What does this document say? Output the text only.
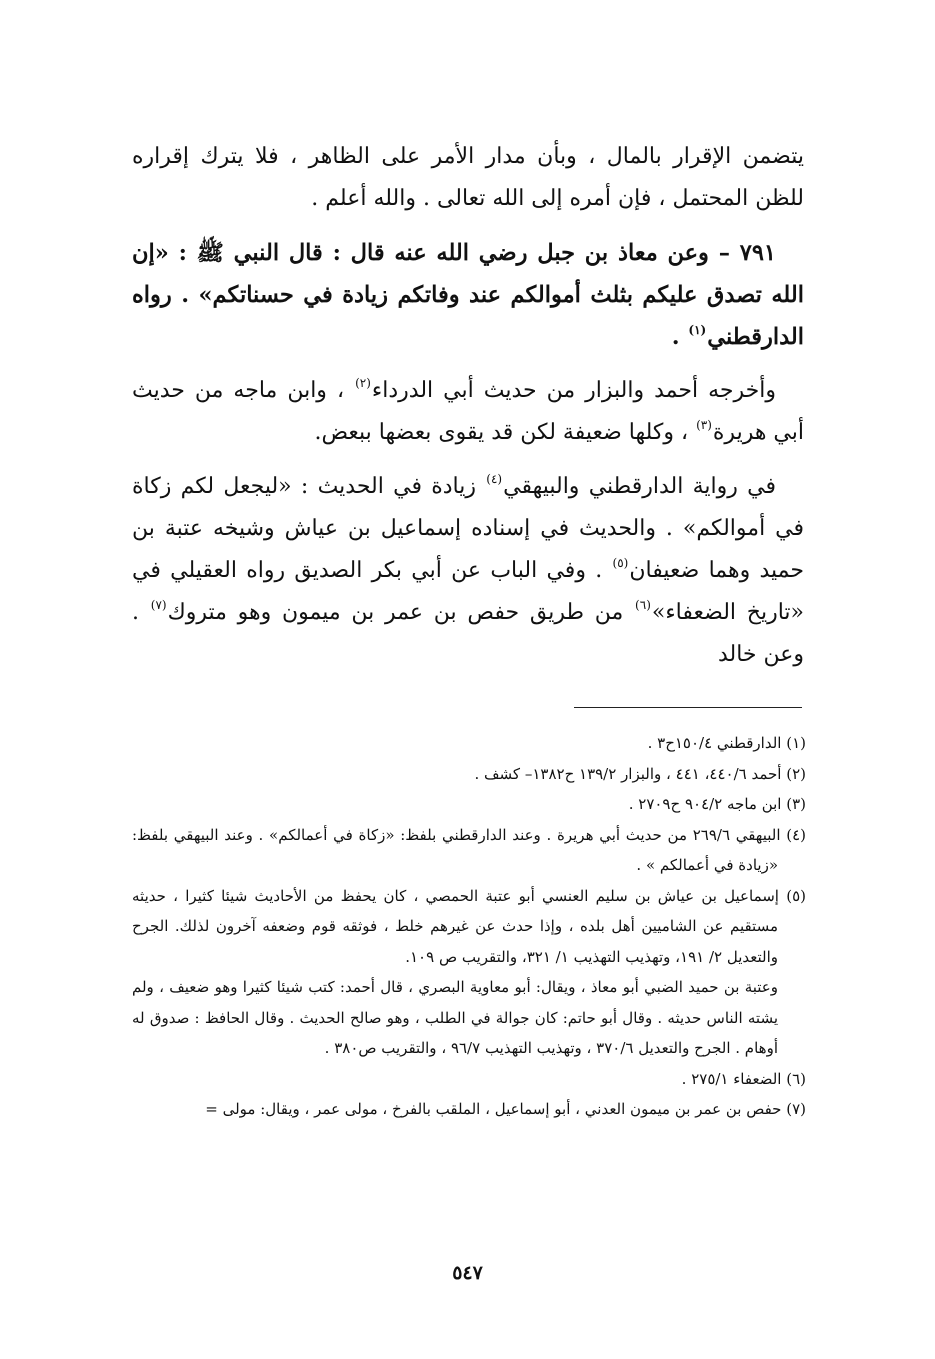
يتضمن الإقرار بالمال ، وبأن مدار الأمر على الظاهر ، فلا يترك إقراره للظن المحتمل ، فإن أمره إلى الله تعالى . والله أعلم .

٧٩١ – وعن معاذ بن جبل رضي الله عنه قال : قال النبي ﷺ : «إن الله تصدق عليكم بثلث أموالكم عند وفاتكم زيادة في حسناتكم» . رواه الدارقطني$^{(١)}$ .

وأخرجه أحمد والبزار من حديث أبي الدرداء$^{(٢)}$ ، وابن ماجه من حديث أبي هريرة$^{(٣)}$ ، وكلها ضعيفة لكن قد يقوى بعضها ببعض.

في رواية الدارقطني والبيهقي$^{(٤)}$ زيادة في الحديث : «ليجعل لكم زكاة في أموالكم» . والحديث في إسناده إسماعيل بن عياش وشيخه عتبة بن حميد وهما ضعيفان$^{(٥)}$ . وفي الباب عن أبي بكر الصديق رواه العقيلي في «تاريخ الضعفاء»$^{(٦)}$ من طريق حفص بن عمر بن ميمون وهو متروك$^{(٧)}$ . وعن خالد

(١) الدارقطني ١٥٠/٤ح٣ .

(٢) أحمد ٤٤٠/٦، ٤٤١ ، والبزار ١٣٩/٢ ح١٣٨٢– كشف .

(٣) ابن ماجه ٩٠٤/٢ ح٢٧٠٩ .

(٤) البيهقي ٢٦٩/٦ من حديث أبي هريرة . وعند الدارقطني بلفظ: «زكاة في أعمالكم» . وعند البيهقي بلفظ: «زيادة في أعمالكم » .

(٥) إسماعيل بن عياش بن سليم العنسي أبو عتبة الحمصي ، كان يحفظ من الأحاديث شيئا كثيرا ، حديثه مستقيم عن الشاميين أهل بلده ، وإذا حدث عن غيرهم خلط ، فوثقه قوم وضعفه آخرون لذلك. الجرح والتعديل ٢/ ١٩١، وتهذيب التهذيب ١/ ٣٢١، والتقريب ص ١٠٩.

وعتبة بن حميد الضبي أبو معاذ ، ويقال: أبو معاوية البصري ، قال أحمد: كتب شيئا كثيرا وهو ضعيف ، ولم يشته الناس حديثه . وقال أبو حاتم: كان جوالة في الطلب ، وهو صالح الحديث . وقال الحافظ : صدوق له أوهام . الجرح والتعديل ٣٧٠/٦ ، وتهذيب التهذيب ٩٦/٧ ، والتقريب ص٣٨٠ .

(٦) الضعفاء ٢٧٥/١ .

(٧) حفص بن عمر بن ميمون العدني ، أبو إسماعيل ، الملقب بالفرخ ، مولى عمر ، ويقال: مولى =

٥٤٧
